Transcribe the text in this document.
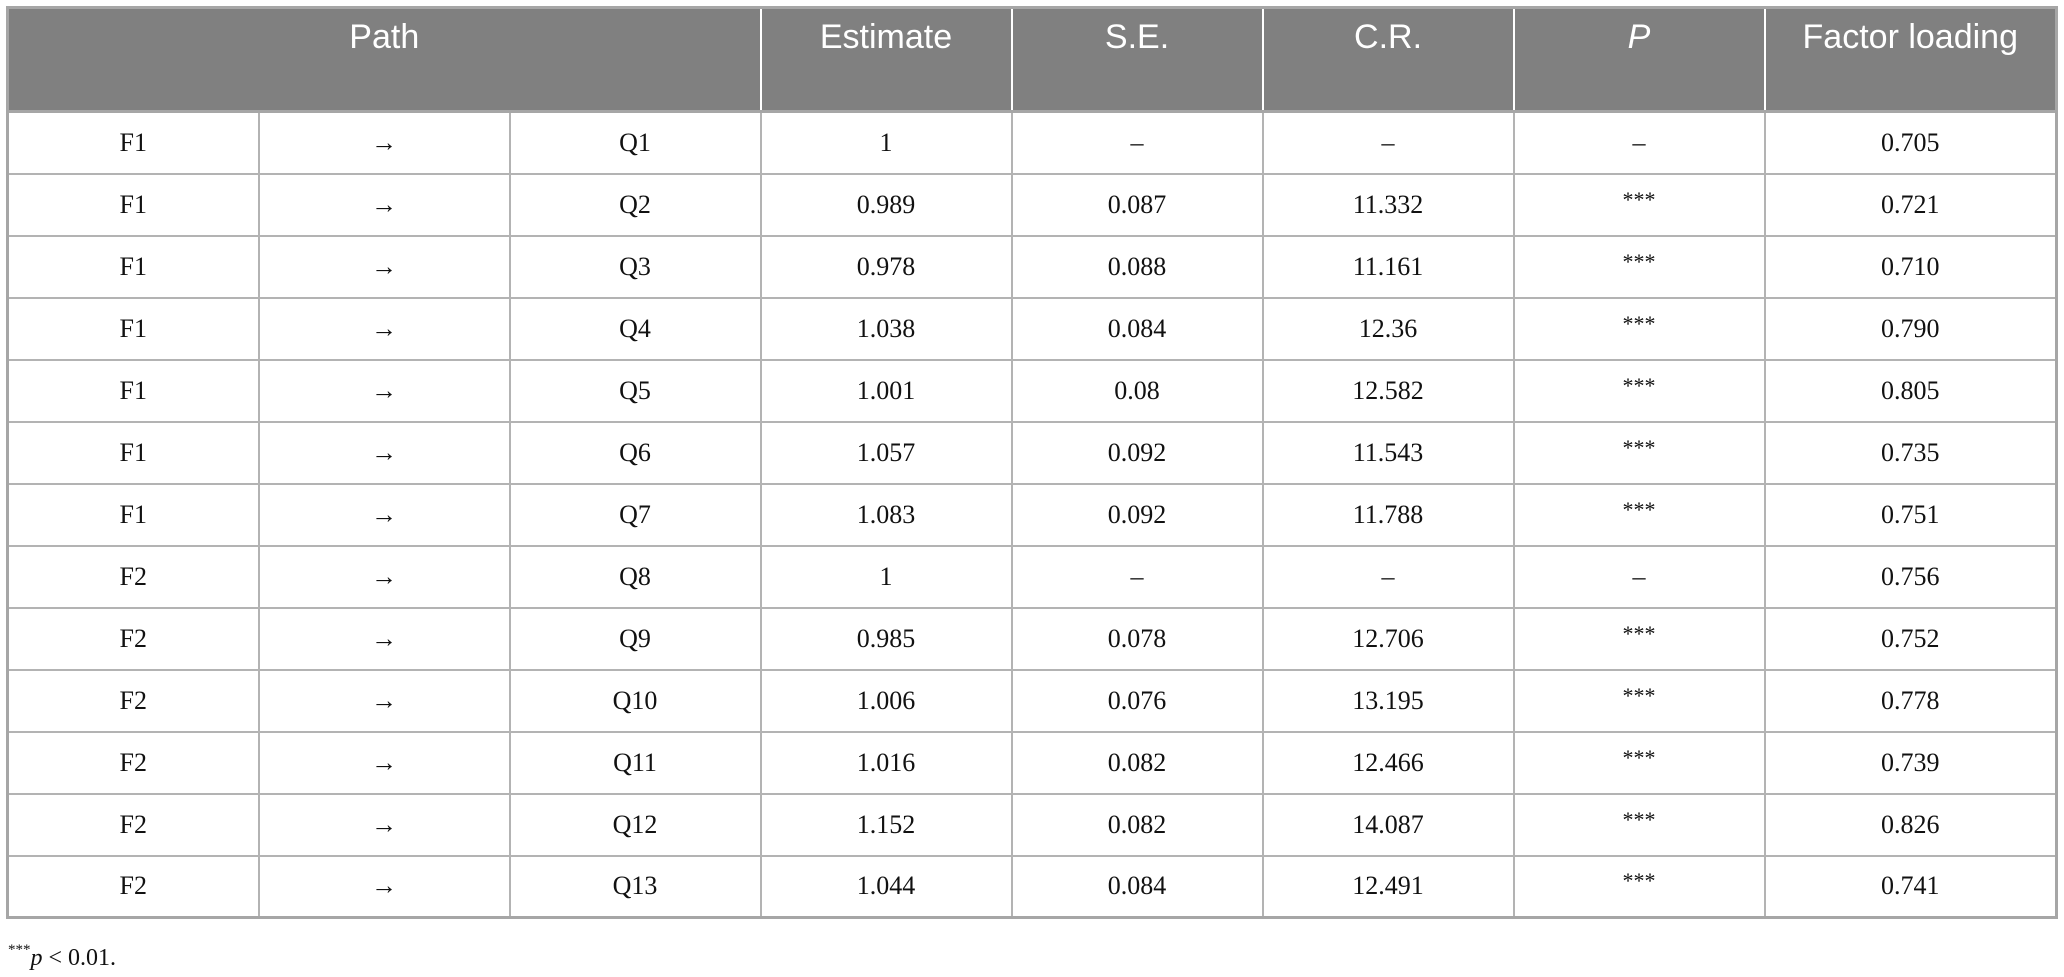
Path			Estimate	S.E.	C.R.	P	Factor loading
F1	→	Q1	1	–	–	–	0.705
F1	→	Q2	0.989	0.087	11.332	***	0.721
F1	→	Q3	0.978	0.088	11.161	***	0.710
F1	→	Q4	1.038	0.084	12.36	***	0.790
F1	→	Q5	1.001	0.08	12.582	***	0.805
F1	→	Q6	1.057	0.092	11.543	***	0.735
F1	→	Q7	1.083	0.092	11.788	***	0.751
F2	→	Q8	1	–	–	–	0.756
F2	→	Q9	0.985	0.078	12.706	***	0.752
F2	→	Q10	1.006	0.076	13.195	***	0.778
F2	→	Q11	1.016	0.082	12.466	***	0.739
F2	→	Q12	1.152	0.082	14.087	***	0.826
F2	→	Q13	1.044	0.084	12.491	***	0.741
***p < 0.01.
